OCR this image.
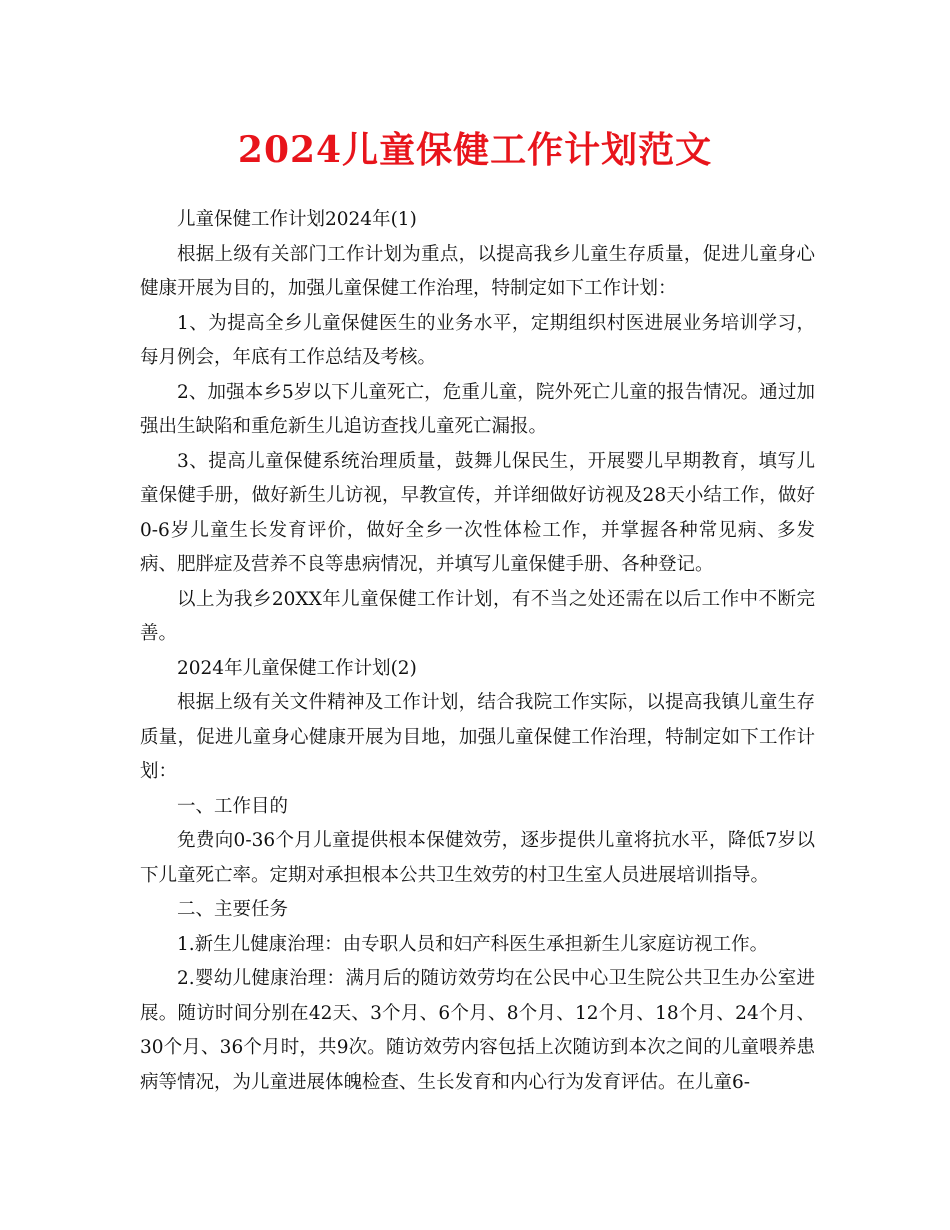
2024儿童保健工作计划范文

儿童保健工作计划2024年(1)

根据上级有关部门工作计划为重点，以提高我乡儿童生存质量，促进儿童身心健康开展为目的，加强儿童保健工作治理，特制定如下工作计划：

1、为提高全乡儿童保健医生的业务水平，定期组织村医进展业务培训学习，每月例会，年底有工作总结及考核。

2、加强本乡5岁以下儿童死亡，危重儿童，院外死亡儿童的报告情况。通过加强出生缺陷和重危新生儿追访查找儿童死亡漏报。

3、提高儿童保健系统治理质量，鼓舞儿保民生，开展婴儿早期教育，填写儿童保健手册，做好新生儿访视，早教宣传，并详细做好访视及28天小结工作，做好0-6岁儿童生长发育评价，做好全乡一次性体检工作，并掌握各种常见病、多发病、肥胖症及营养不良等患病情况，并填写儿童保健手册、各种登记。

以上为我乡20XX年儿童保健工作计划，有不当之处还需在以后工作中不断完善。

2024年儿童保健工作计划(2)

根据上级有关文件精神及工作计划，结合我院工作实际，以提高我镇儿童生存质量，促进儿童身心健康开展为目地，加强儿童保健工作治理，特制定如下工作计划：

一、工作目的

免费向0-36个月儿童提供根本保健效劳，逐步提供儿童将抗水平，降低7岁以下儿童死亡率。定期对承担根本公共卫生效劳的村卫生室人员进展培训指导。

二、主要任务

1.新生儿健康治理：由专职人员和妇产科医生承担新生儿家庭访视工作。

2.婴幼儿健康治理：满月后的随访效劳均在公民中心卫生院公共卫生办公室进展。随访时间分别在42天、3个月、6个月、8个月、12个月、18个月、24个月、30个月、36个月时，共9次。随访效劳内容包括上次随访到本次之间的儿童喂养患病等情况，为儿童进展体魄检查、生长发育和内心行为发育评估。在儿童6-
